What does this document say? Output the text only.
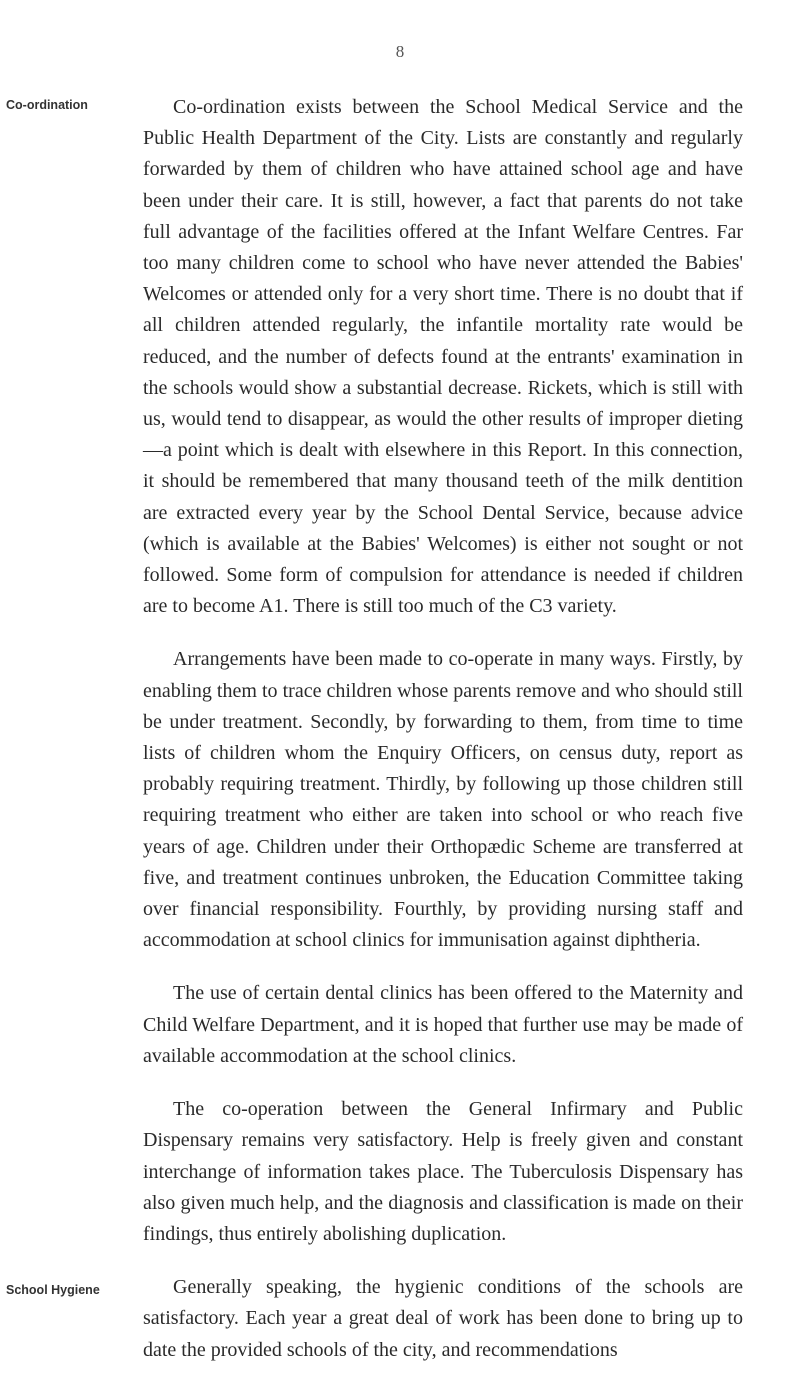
8
Co-ordination
School Hygiene

Co-ordination exists between the School Medical Service and the Public Health Department of the City. Lists are constantly and regularly forwarded by them of children who have attained school age and have been under their care. It is still, however, a fact that parents do not take full advantage of the facilities offered at the Infant Welfare Centres. Far too many children come to school who have never attended the Babies' Welcomes or attended only for a very short time. There is no doubt that if all children attended regularly, the infantile mortality rate would be reduced, and the number of defects found at the entrants' examination in the schools would show a substantial decrease. Rickets, which is still with us, would tend to disappear, as would the other results of improper dieting—a point which is dealt with elsewhere in this Report. In this connection, it should be remembered that many thousand teeth of the milk dentition are extracted every year by the School Dental Service, because advice (which is available at the Babies' Welcomes) is either not sought or not followed. Some form of compulsion for attendance is needed if children are to become A1. There is still too much of the C3 variety.

Arrangements have been made to co-operate in many ways. Firstly, by enabling them to trace children whose parents remove and who should still be under treatment. Secondly, by forwarding to them, from time to time lists of children whom the Enquiry Officers, on census duty, report as probably requiring treatment. Thirdly, by following up those children still requiring treatment who either are taken into school or who reach five years of age. Children under their Orthopædic Scheme are transferred at five, and treatment continues unbroken, the Education Committee taking over financial responsibility. Fourthly, by providing nursing staff and accommodation at school clinics for immunisation against diphtheria.

The use of certain dental clinics has been offered to the Maternity and Child Welfare Department, and it is hoped that further use may be made of available accommodation at the school clinics.

The co-operation between the General Infirmary and Public Dispensary remains very satisfactory. Help is freely given and constant interchange of information takes place. The Tuberculosis Dispensary has also given much help, and the diagnosis and classification is made on their findings, thus entirely abolishing duplication.

Generally speaking, the hygienic conditions of the schools are satisfactory. Each year a great deal of work has been done to bring up to date the provided schools of the city, and recommendations
